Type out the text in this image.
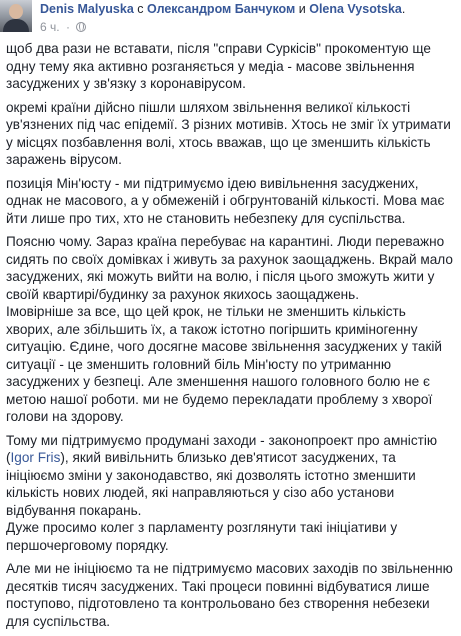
Denis Malyuska с Олександром Банчуком и Olena Vysotska.
6 ч. ·

щоб два рази не вставати, після "справи Суркісів" прокоментую ще одну тему яка активно розганяється у медіа - масове звільнення засуджених у зв'язку з коронавірусом.

окремі країни дійсно пішли шляхом звільнення великої кількості ув'язнених під час епідемії. З різних мотивів. Хтось не зміг їх утримати у місцях позбавлення волі, хтось вважав, що це зменшить кількість заражень вірусом.

позиція Мін'юсту - ми підтримуємо ідею вивільнення засуджених, однак не масового, а у обмеженій і обгрунтованій кількості. Мова має йти лише про тих, хто не становить небезпеку для суспільства.

Поясню чому. Зараз країна перебуває на карантині. Люди переважно сидять по своїх домівках і живуть за рахунок заощаджень. Вкрай мало засуджених, які можуть вийти на волю, і після цього зможуть жити у своїй квартирі/будинку за рахунок якихось заощаджень.
Імовірніше за все, що цей крок, не тільки не зменшить кількість хворих, але збільшить їх, а також істотно погіршить криміногенну ситуацію. Єдине, чого досягне масове звільнення засуджених у такій ситуації - це зменшить головний біль Мін'юсту по утриманню засуджених у безпеці. Але зменшення нашого головного болю не є метою нашої роботи. ми не будемо перекладати проблему з хворої голови на здорову.

Тому ми підтримуємо продумані заходи - законопроект про амністію (Igor Fris), який вивільнить близько дев'ятисот засуджених, та ініціюємо зміни у законодавство, які дозволять істотно зменшити кількість нових людей, які направляються у сізо або установи відбування покарань.
Дуже просимо колег з парламенту розглянути такі ініціативи у першочерговому порядку.

Але ми не ініціюємо та не підтримуємо масових заходів по звільненню десятків тисяч засуджених. Такі процеси повинні відбуватися лише поступово, підготовлено та контрольовано без створення небезеки для суспільства.
